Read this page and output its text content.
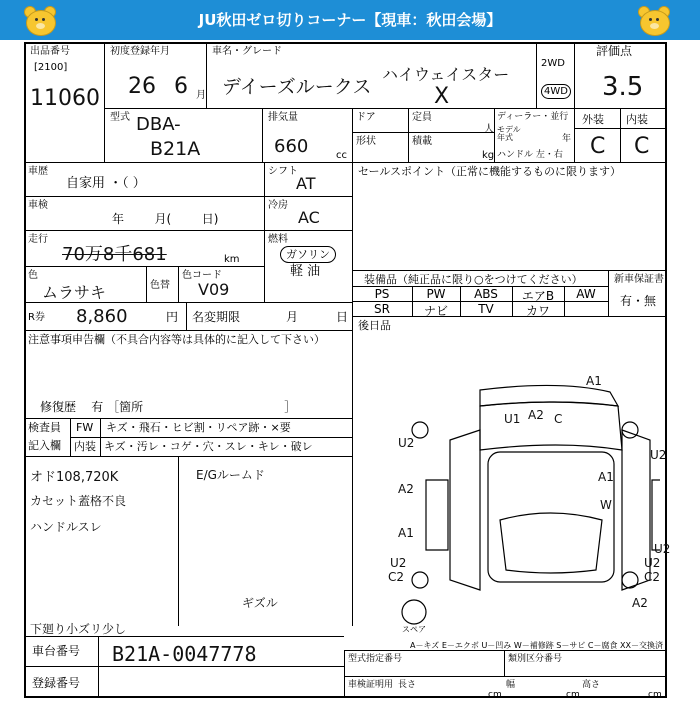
JU秋田ゼロ切りコーナー【現車：秋田会場】
出品番号
[2100]
11060
初度登録年月
26 6 月
車名・グレード
デイーズルークス
ハイウェイスター
X
2WD
4WD
評価点
3.5
外装 内装
C C
型式 DBA-
B21A
排気量
660	cc
ドア
形状
定員
人
積載
kg
ディーラー・並行
モデル
年式	年
ハンドル 左・右
車歴
自家用 ・（ ）
シフト
AT
車検
年        月(        日)
冷房
AC
走行
70万8千681	km
燃料
ガソリン
軽 油
色
ムラサキ	色替
色コード
V09
R券 8,860	円 名変期限	月	日
セールスポイント（正常に機能するものに限ります）
装備品（純正品に限り○をつけてください）	新車保証書
有・無
PS	PW	ABS	エアB	AW
SR	ナビ	TV	カワ
後日品
注意事項申告欄（不具合内容等は具体的に記入して下さい）
修復歴    有 ［箇所                                     ］
検査員
記入欄
FW キズ・飛石・ヒビ割・リペア跡・×要
内装 キズ・汚レ・コゲ・穴・スレ・キレ・破レ
オド108,720K
カセット蓋格不良
ハンドルスレ
下廻り小ズリ少し
E/Gルームド
ギズル
A1
U1 A2 C
U2
A2
U2
A1
U2
C2
U2
U2
C2
A2
W
A1
スペア
A－キズ E－エクボ U－凹み W－補修跡 S－サビ C－腐食 XX－交換済
車台番号 B21A-0047778
登録番号
型式指定番号	類別区分番号
車検証明用 長さ
cm
幅
cm
高さ
cm
